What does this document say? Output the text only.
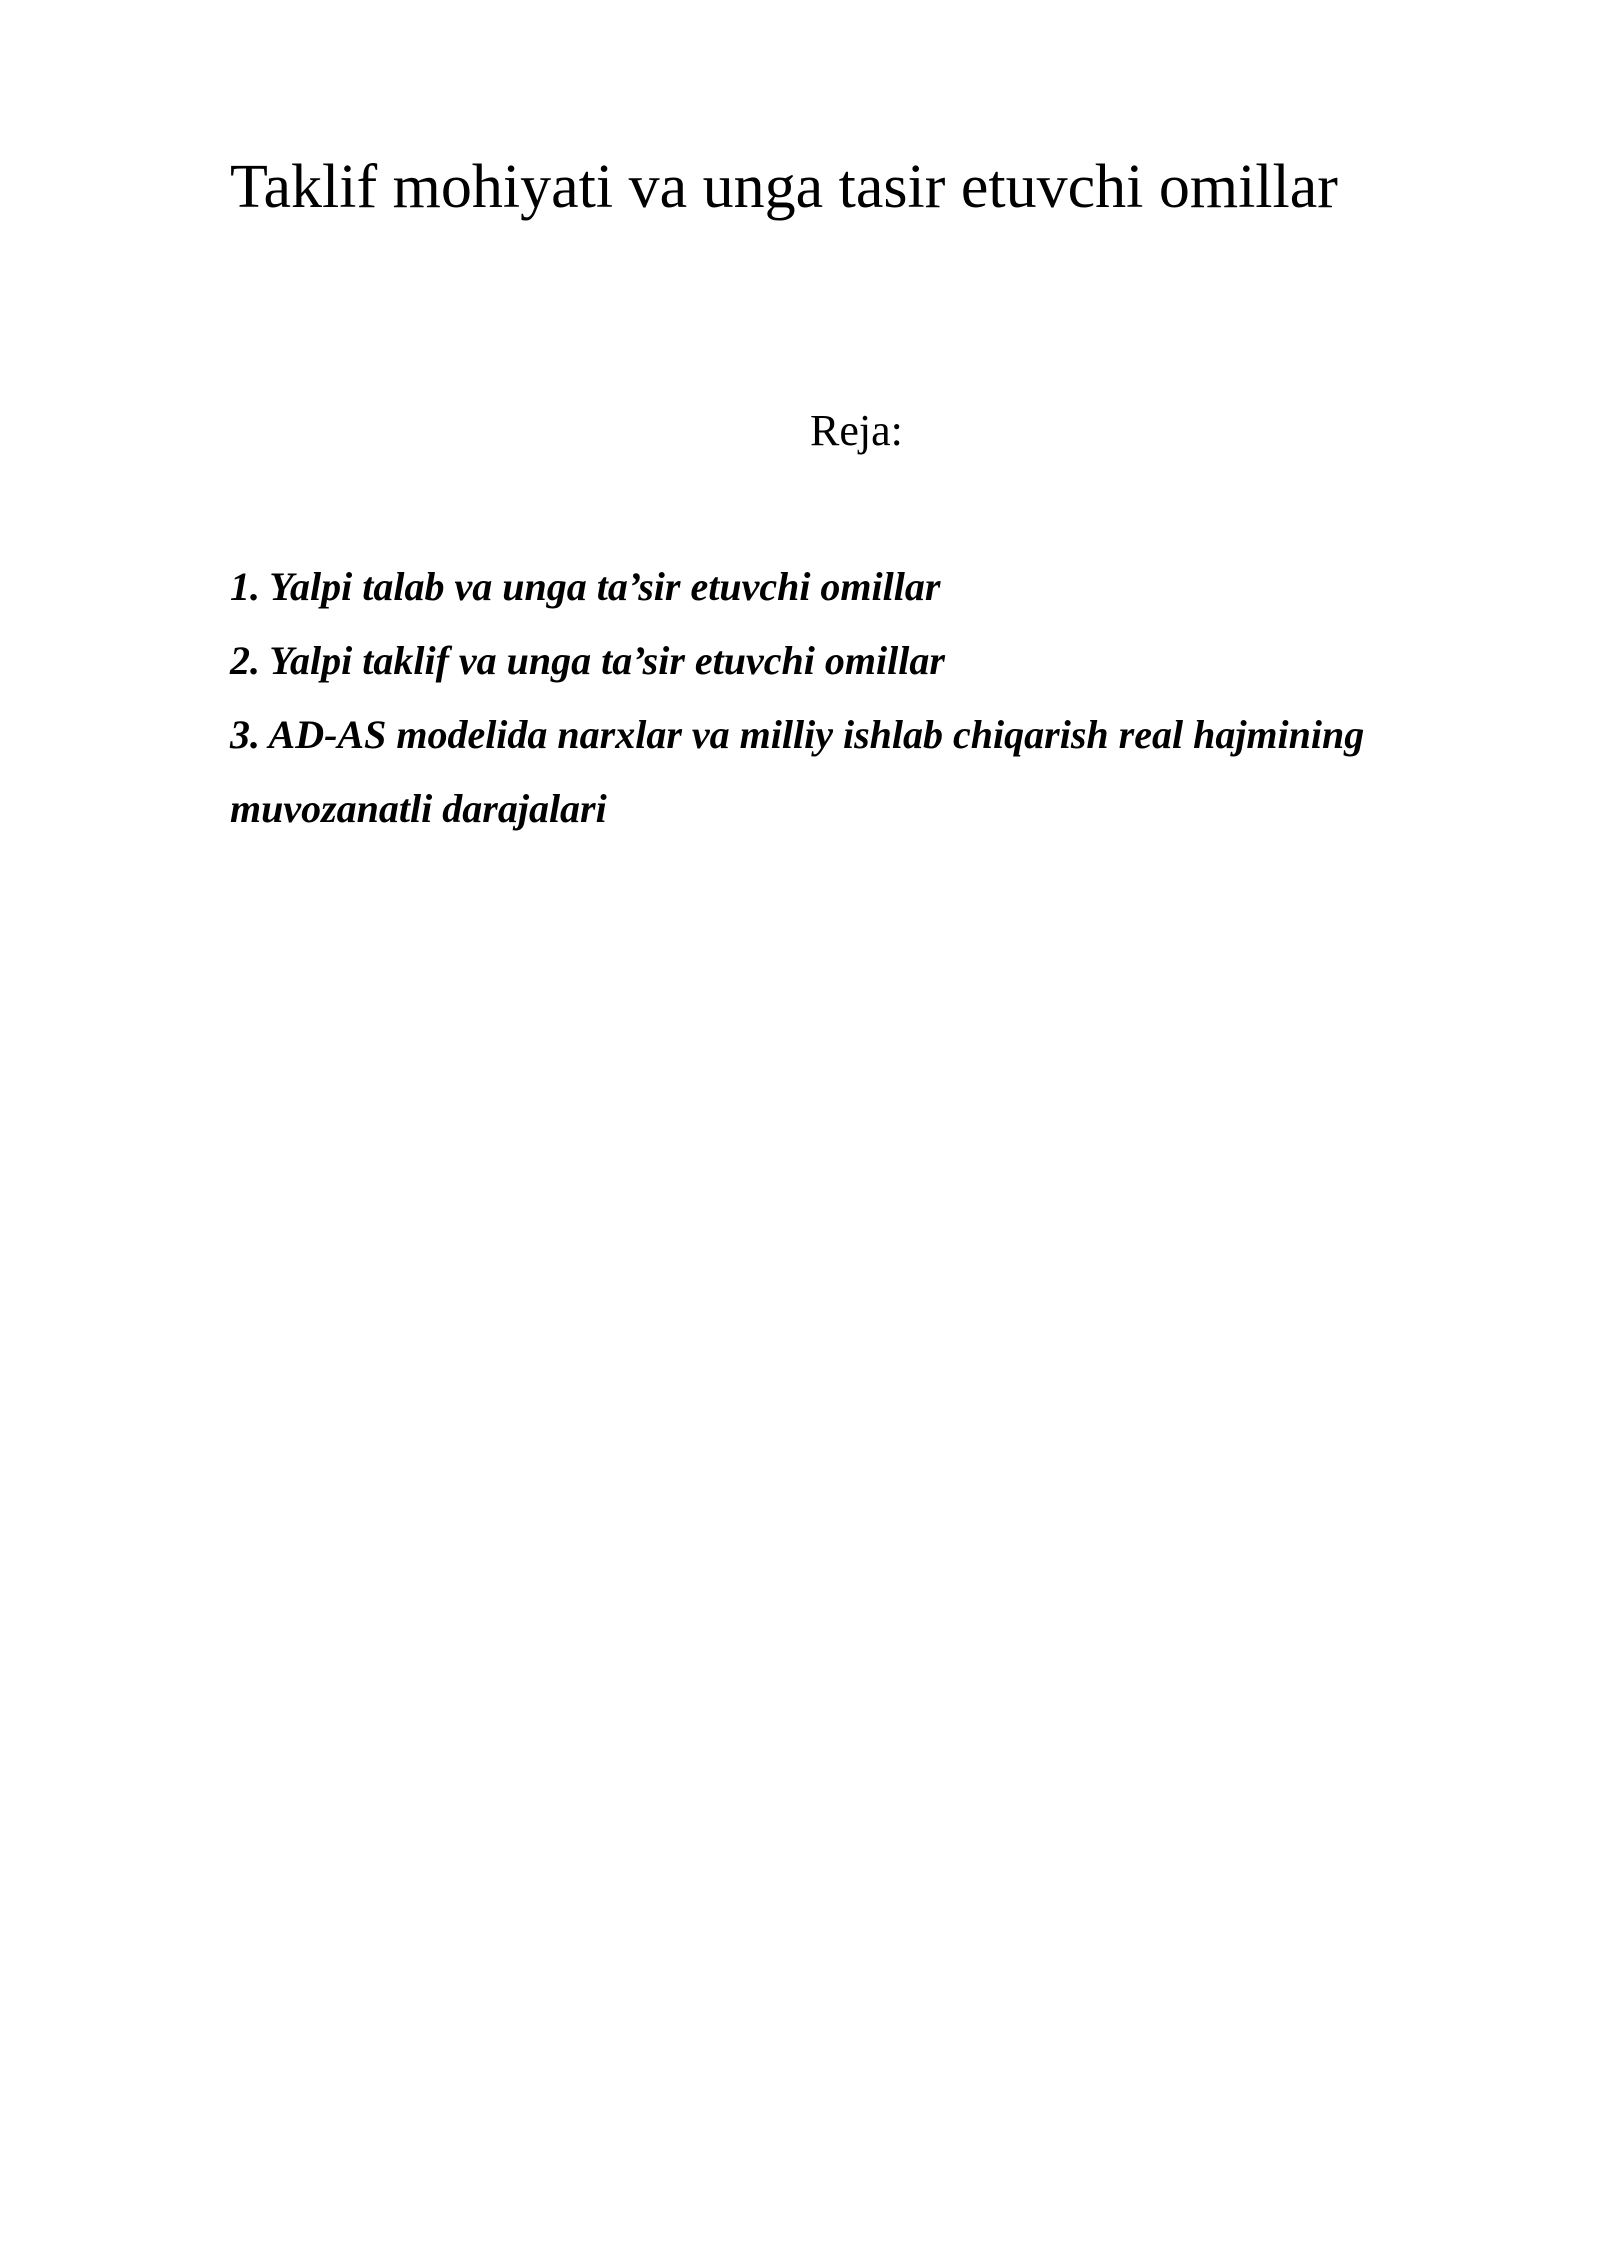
Taklif mohiyati va unga tasir etuvchi omillar
Reja:
1. Yalpi talab va unga ta’sir etuvchi omillar
2. Yalpi taklif va unga ta’sir etuvchi omillar
3. AD-AS modelida narxlar va milliy ishlab chiqarish real hajmining muvozanatli darajalari
